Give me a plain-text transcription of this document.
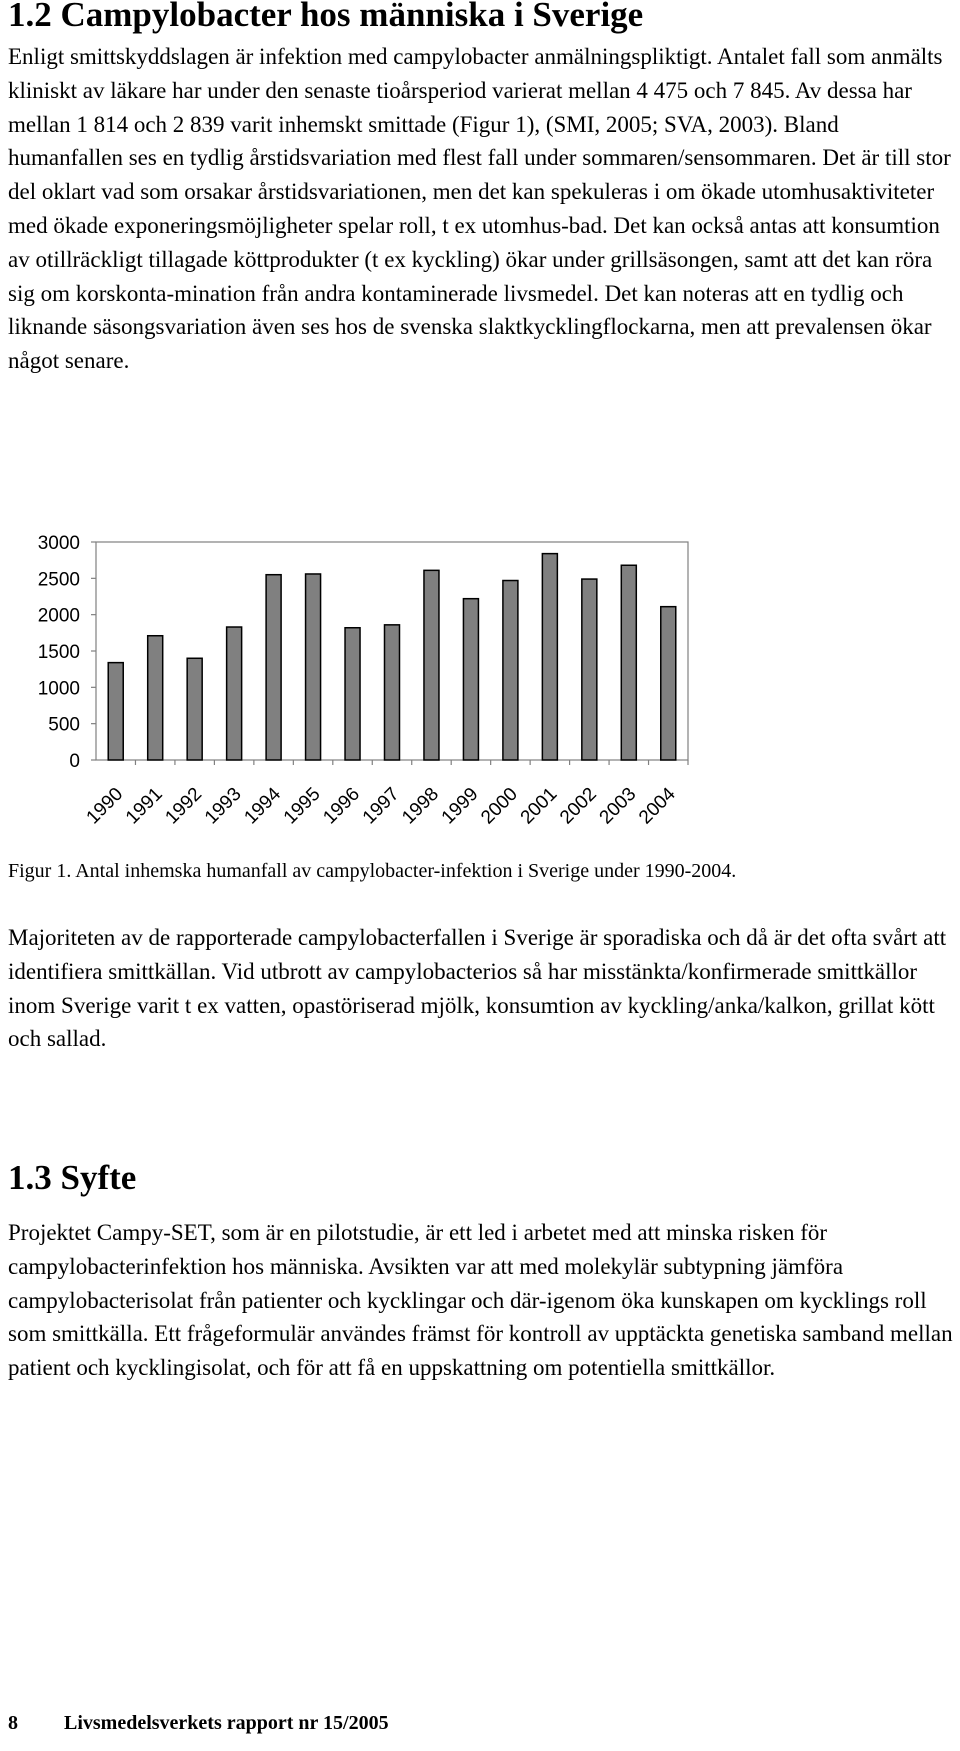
1.2 Campylobacter hos människa i Sverige

Enligt smittskyddslagen är infektion med campylobacter anmälningspliktigt. Antalet fall som anmälts kliniskt av läkare har under den senaste tioårsperiod varierat mellan 4 475 och 7 845. Av dessa har mellan 1 814 och 2 839 varit inhemskt smittade (Figur 1), (SMI, 2005; SVA, 2003). Bland humanfallen ses en tydlig årstidsvariation med flest fall under sommaren/sensommaren. Det är till stor del oklart vad som orsakar årstidsvariationen, men det kan spekuleras i om ökade utomhusaktiviteter med ökade exponeringsmöjligheter spelar roll, t ex utomhus-bad. Det kan också antas att konsumtion av otillräckligt tillagade köttprodukter (t ex kyckling) ökar under grillsäsongen, samt att det kan röra sig om korskonta-mination från andra kontaminerade livsmedel. Det kan noteras att en tydlig och liknande säsongsvariation även ses hos de svenska slaktkycklingflockarna, men att prevalensen ökar något senare.

0
500
1000
1500
2000
2500
3000
1990
1991
1992
1993
1994
1995
1996
1997
1998
1999
2000
2001
2002
2003
2004

Figur 1. Antal inhemska humanfall av campylobacter-infektion i Sverige under 1990-2004.

Majoriteten av de rapporterade campylobacterfallen i Sverige är sporadiska och då är det ofta svårt att identifiera smittkällan. Vid utbrott av campylobacterios så har misstänkta/konfirmerade smittkällor inom Sverige varit t ex vatten, opastöriserad mjölk, konsumtion av kyckling/anka/kalkon, grillat kött och sallad.

1.3 Syfte

Projektet Campy-SET, som är en pilotstudie, är ett led i arbetet med att minska risken för campylobacterinfektion hos människa. Avsikten var att med molekylär subtypning jämföra campylobacterisolat från patienter och kycklingar och där-igenom öka kunskapen om kycklings roll som smittkälla. Ett frågeformulär användes främst för kontroll av upptäckta genetiska samband mellan patient och kycklingisolat, och för att få en uppskattning om potentiella smittkällor.

8 Livsmedelsverkets rapport nr 15/2005
